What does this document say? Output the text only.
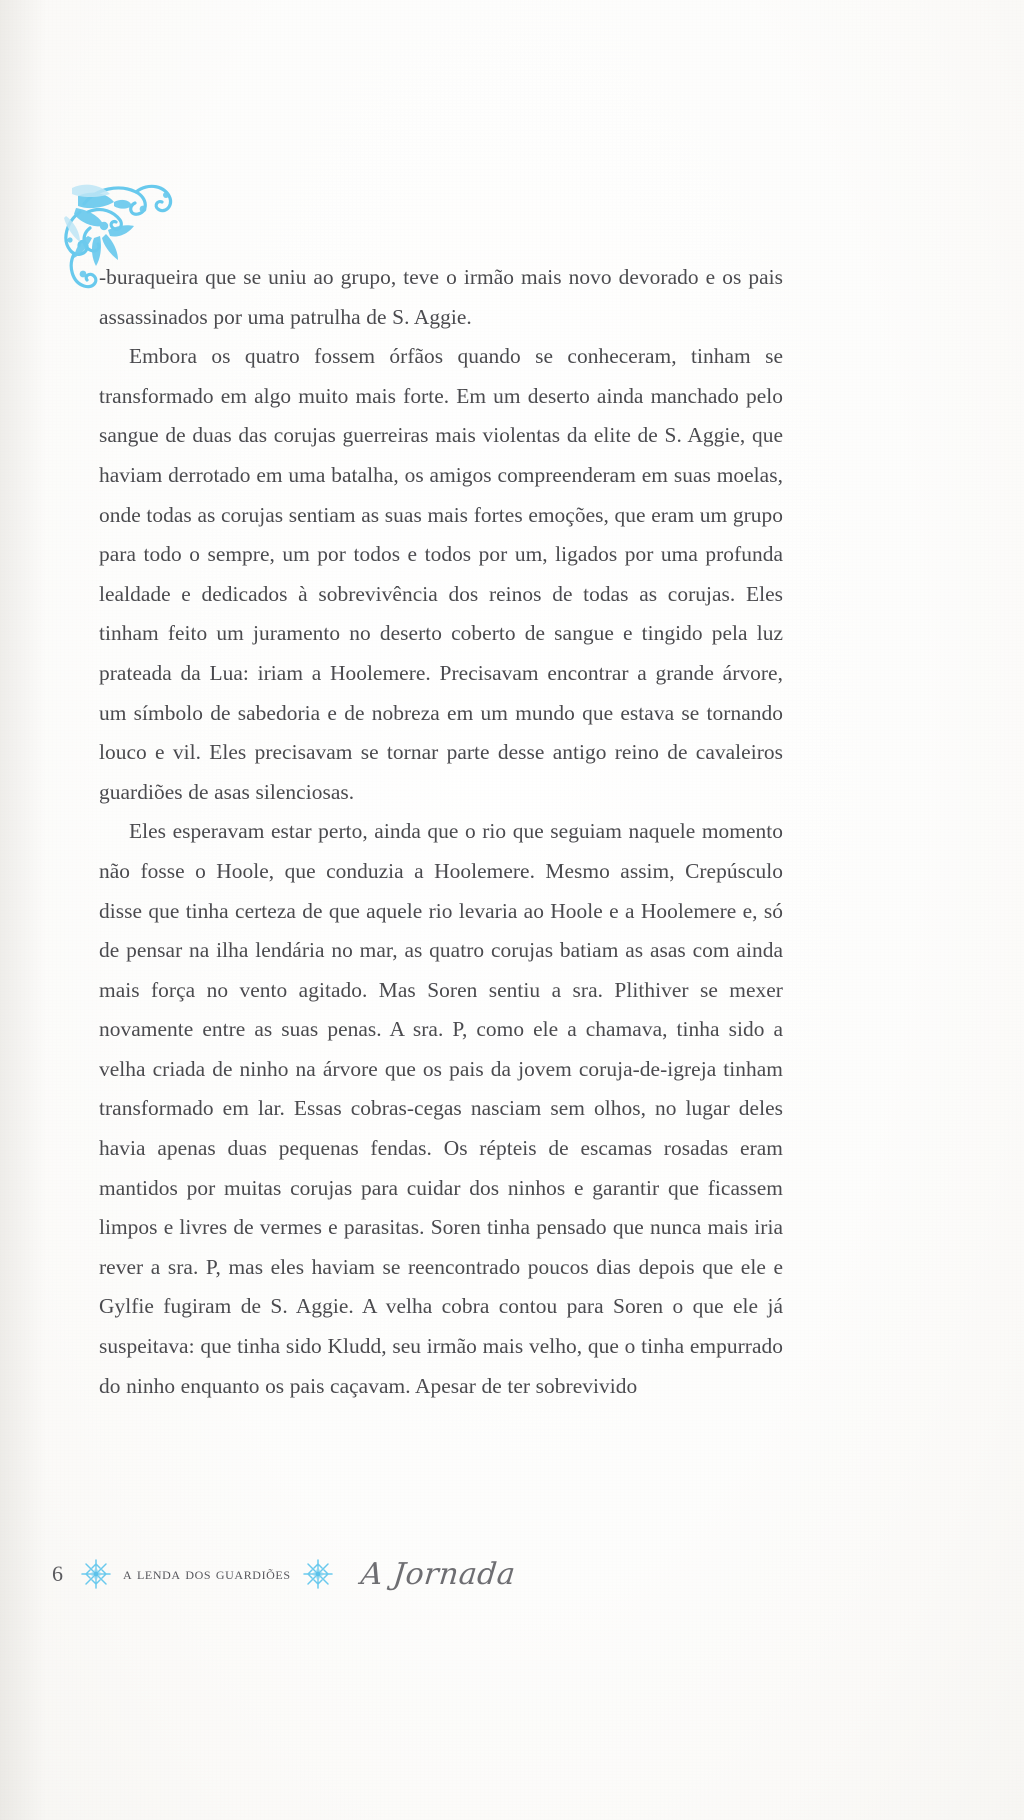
-buraqueira que se uniu ao grupo, teve o irmão mais novo devorado e os pais assassinados por uma patrulha de S. Aggie.

Embora os quatro fossem órfãos quando se conheceram, tinham se transformado em algo muito mais forte. Em um deserto ainda manchado pelo sangue de duas das corujas guerreiras mais violentas da elite de S. Aggie, que haviam derrotado em uma batalha, os amigos compreenderam em suas moelas, onde todas as corujas sentiam as suas mais fortes emoções, que eram um grupo para todo o sempre, um por todos e todos por um, ligados por uma profunda lealdade e dedicados à sobrevivência dos reinos de todas as corujas. Eles tinham feito um juramento no deserto coberto de sangue e tingido pela luz prateada da Lua: iriam a Hoolemere. Precisavam encontrar a grande árvore, um símbolo de sabedoria e de nobreza em um mundo que estava se tornando louco e vil. Eles precisavam se tornar parte desse antigo reino de cavaleiros guardiões de asas silenciosas.

Eles esperavam estar perto, ainda que o rio que seguiam naquele momento não fosse o Hoole, que conduzia a Hoolemere. Mesmo assim, Crepúsculo disse que tinha certeza de que aquele rio levaria ao Hoole e a Hoolemere e, só de pensar na ilha lendária no mar, as quatro corujas batiam as asas com ainda mais força no vento agitado. Mas Soren sentiu a sra. Plithiver se mexer novamente entre as suas penas. A sra. P, como ele a chamava, tinha sido a velha criada de ninho na árvore que os pais da jovem coruja-de-igreja tinham transformado em lar. Essas cobras-cegas nasciam sem olhos, no lugar deles havia apenas duas pequenas fendas. Os répteis de escamas rosadas eram mantidos por muitas corujas para cuidar dos ninhos e garantir que ficassem limpos e livres de vermes e parasitas. Soren tinha pensado que nunca mais iria rever a sra. P, mas eles haviam se reencontrado poucos dias depois que ele e Gylfie fugiram de S. Aggie. A velha cobra contou para Soren o que ele já suspeitava: que tinha sido Kludd, seu irmão mais velho, que o tinha empurrado do ninho enquanto os pais caçavam. Apesar de ter sobrevivido

6	a lenda dos guardiões A Jornada
